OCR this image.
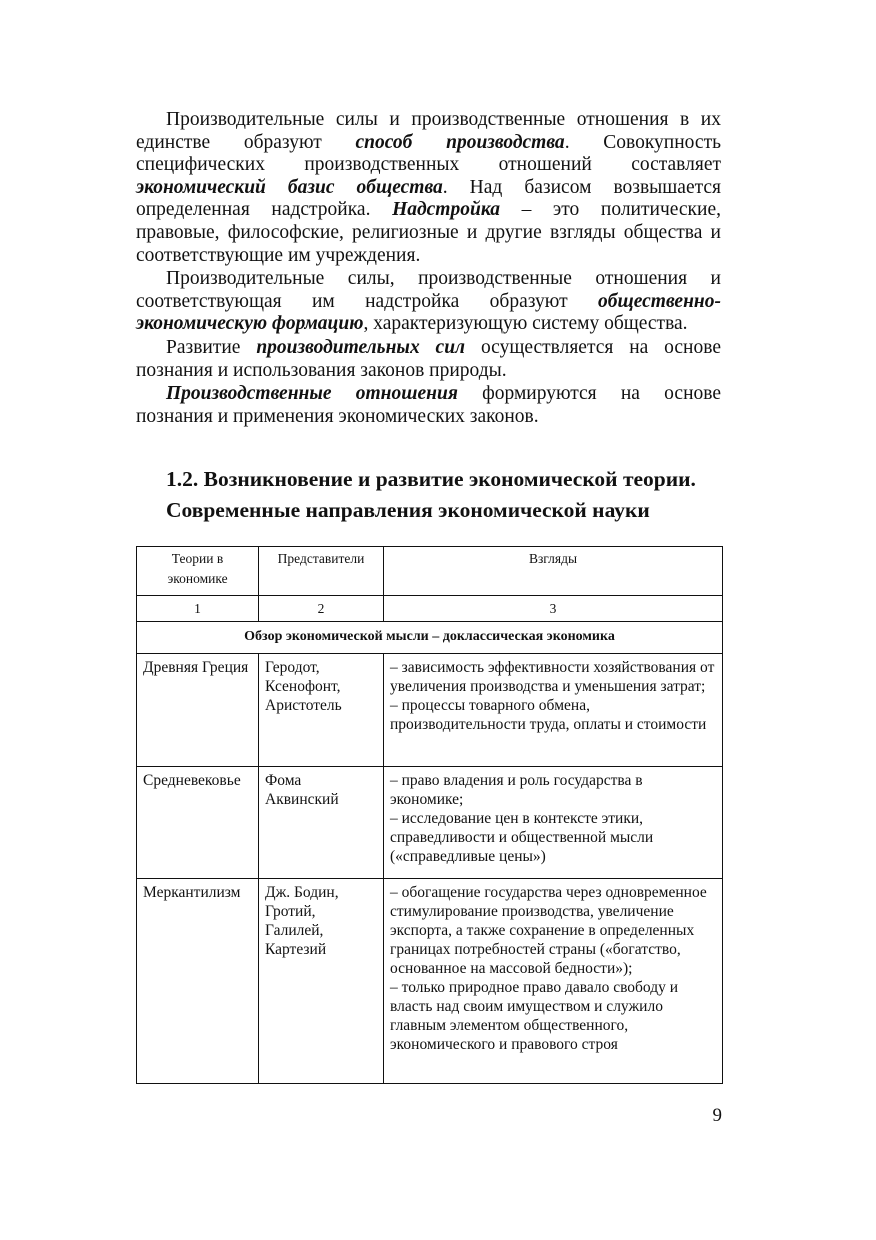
Производительные силы и производственные отношения в их единстве образуют способ производства. Совокупность специфических производственных отношений составляет экономический базис общества. Над базисом возвышается определенная надстройка. Надстройка – это политические, правовые, философские, религиозные и другие взгляды общества и соответствующие им учреждения.

Производительные силы, производственные отношения и соответствующая им надстройка образуют общественно-экономическую формацию, характеризующую систему общества.

Развитие производительных сил осуществляется на основе познания и использования законов природы.

Производственные отношения формируются на основе познания и применения экономических законов.

1.2. Возникновение и развитие экономической теории.
Современные направления экономической науки
Теории в экономике	Представители	Взгляды
1	2	3
Обзор экономической мысли – доклассическая экономика		
Древняя Греция	Геродот, Ксенофонт, Аристотель	– зависимость эффективности хозяйствования от увеличения производства и уменьшения затрат;
– процессы товарного обмена, производительности труда, оплаты и стоимости
Средневековье	Фома Аквинский	– право владения и роль государства в экономике;
– исследование цен в контексте этики, справедливости и общественной мысли («справедливые цены»)
Меркантилизм	Дж. Бодин, Гротий, Галилей, Картезий	– обогащение государства через одновременное стимулирование производства, увеличение экспорта, а также сохранение в определенных границах потребностей страны («богатство, основанное на массовой бедности»);
– только природное право давало свободу и власть над своим имуществом и служило главным элементом общественного, экономического и правового строя
9
